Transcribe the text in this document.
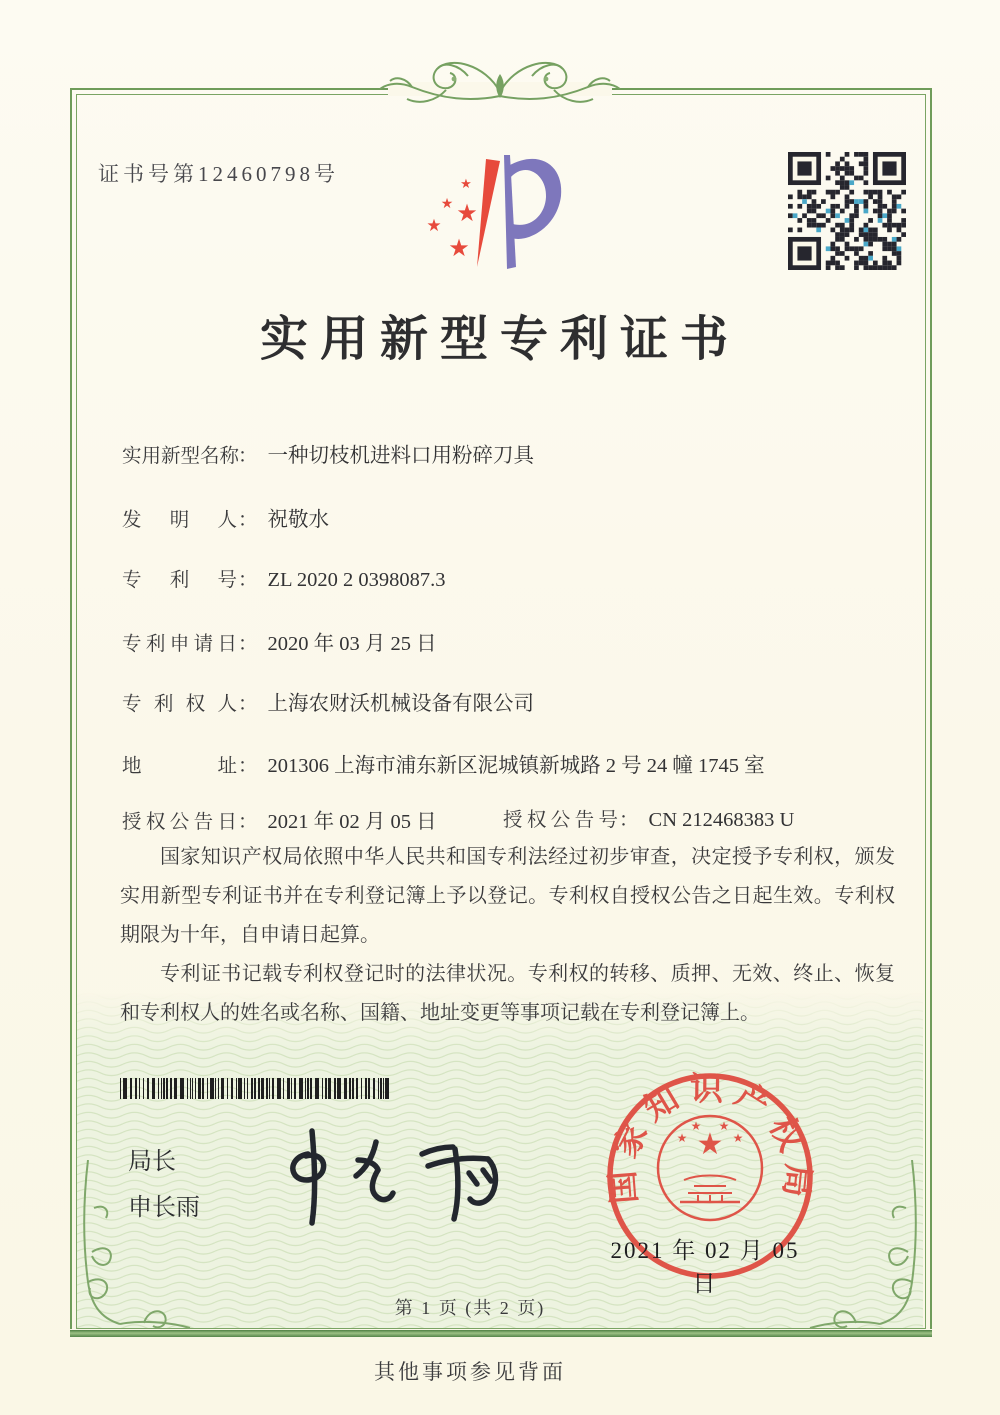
证书号第12460798号	★
★ ★
★
★
实用新型专利证书
实用新型名称： 一种切枝机进料口用粉碎刀具
发明人： 祝敬水
专利号： ZL 2020 2 0398087.3
专利申请日： 2020 年 03 月 25 日
专利权人： 上海农财沃机械设备有限公司
地址： 201306 上海市浦东新区泥城镇新城路 2 号 24 幢 1745 室
授权公告日： 2021 年 02 月 05 日	授权公告号： CN 212468383 U

国家知识产权局依照中华人民共和国专利法经过初步审查，决定授予专利权，颁发实用新型专利证书并在专利登记簿上予以登记。专利权自授权公告之日起生效。专利权期限为十年，自申请日起算。

专利证书记载专利权登记时的法律状况。专利权的转移、质押、无效、终止、恢复和专利权人的姓名或名称、国籍、地址变更等事项记载在专利登记簿上。

局长
申长雨
国家知识产权局
★
★
★ ★
★
2021 年 02 月 05 日
第 1 页 (共 2 页)
其他事项参见背面
